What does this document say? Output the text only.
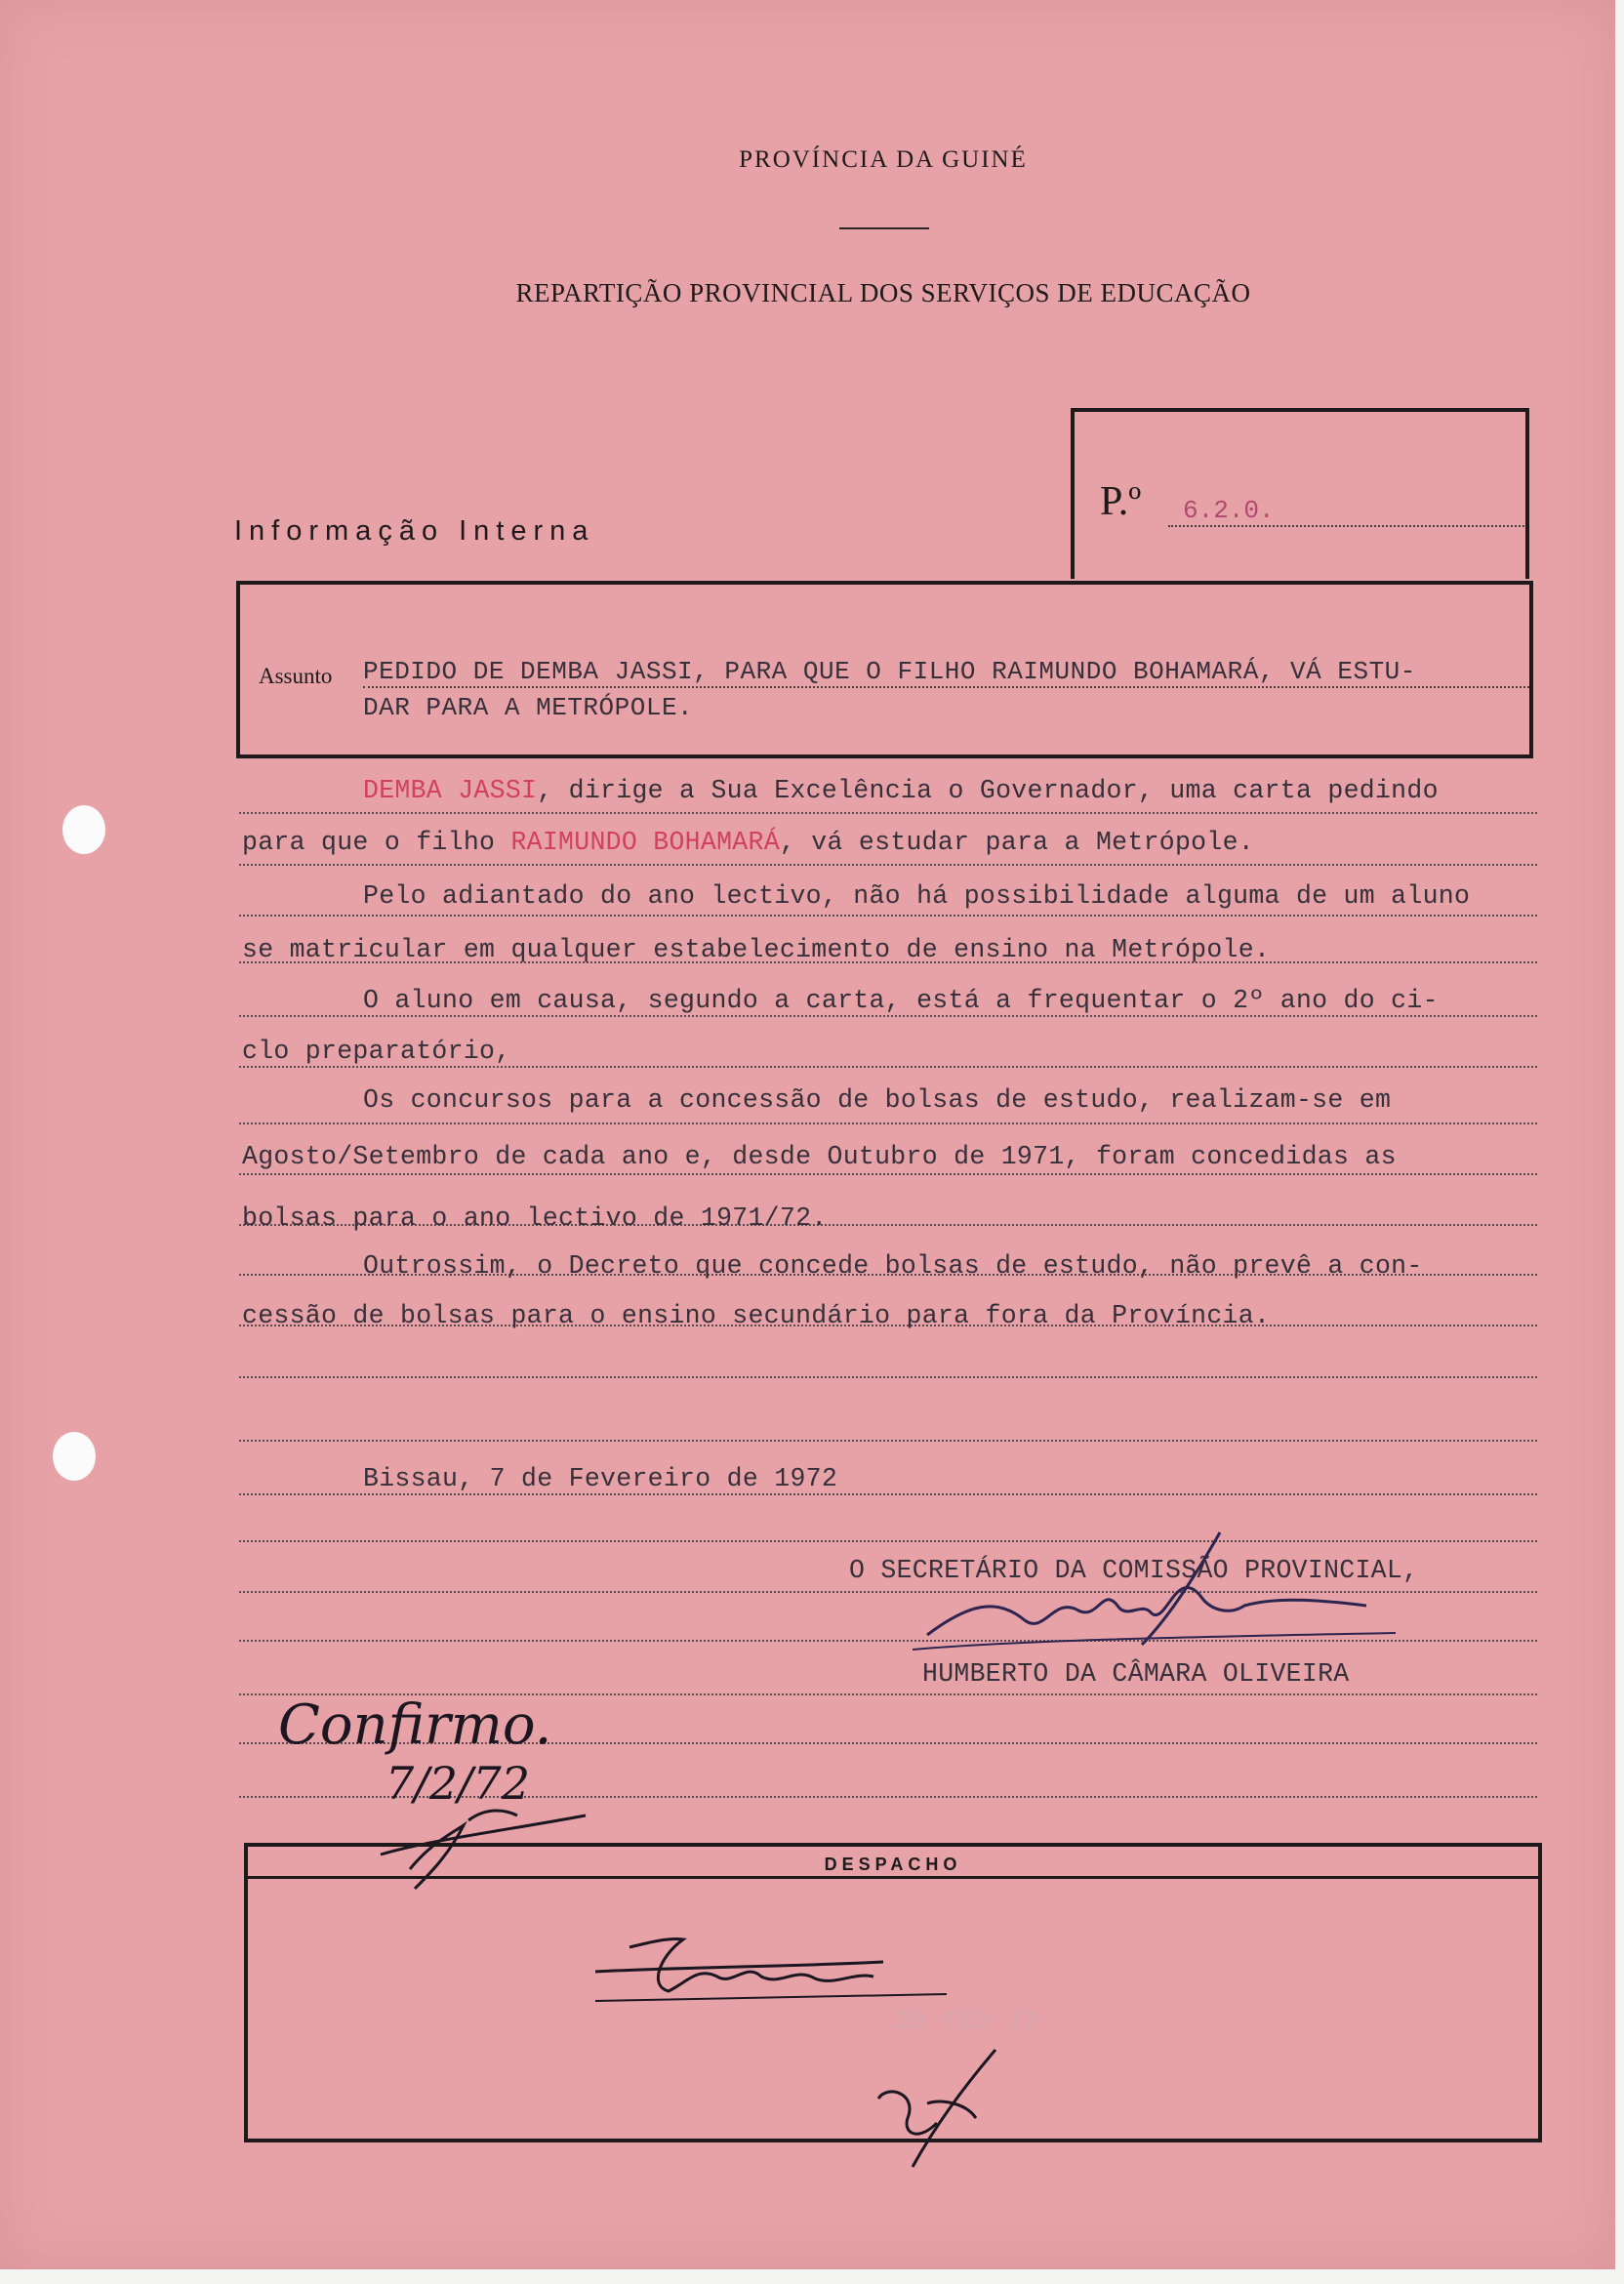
PROVÍNCIA DA GUINÉ
REPARTIÇÃO PROVINCIAL DOS SERVIÇOS DE EDUCAÇÃO
Informação Interna
P.º	6.2.0.
Assunto PEDIDO DE DEMBA JASSI, PARA QUE O FILHO RAIMUNDO BOHAMARÁ, VÁ ESTU-
DAR PARA A METRÓPOLE.
DEMBA JASSI, dirige a Sua Excelência o Governador, uma carta pedindo
para que o filho RAIMUNDO BOHAMARÁ, vá estudar para a Metrópole.
Pelo adiantado do ano lectivo, não há possibilidade alguma de um aluno
se matricular em qualquer estabelecimento de ensino na Metrópole.
O aluno em causa, segundo a carta, está a frequentar o 2º ano do ci-
clo preparatório,
Os concursos para a concessão de bolsas de estudo, realizam-se em
Agosto/Setembro de cada ano e, desde Outubro de 1971, foram concedidas as
bolsas para o ano lectivo de 1971/72.
Outrossim, o Decreto que concede bolsas de estudo, não prevê a con-
cessão de bolsas para o ensino secundário para fora da Província.
Bissau, 7 de Fevereiro de 1972
O SECRETÁRIO DA COMISSÃO PROVINCIAL,
HUMBERTO DA CÂMARA OLIVEIRA
Confirmo.
7/2/72
DESPACHO
29 FEV 72
